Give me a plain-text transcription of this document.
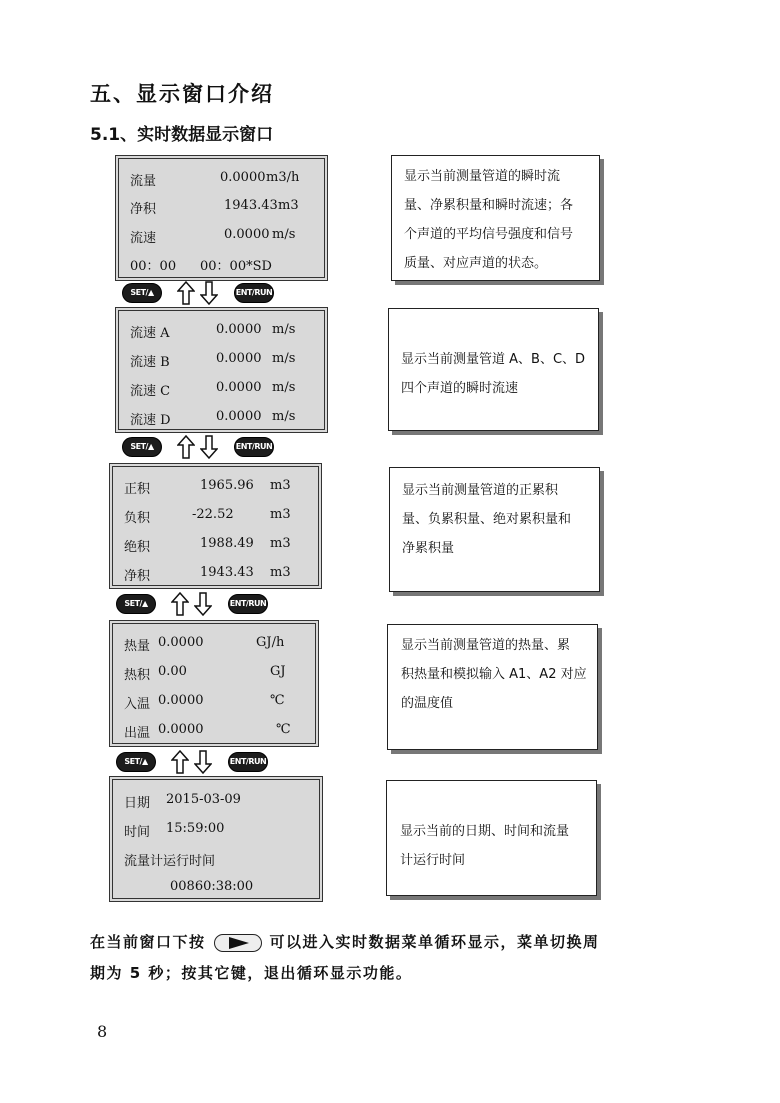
五、显示窗口介绍
5.1、实时数据显示窗口
流量	0.0000 m3/h
净积	1943.43 m3
流速	0.0000 m/s
00：00 00：00*SD
显示当前测量管道的瞬时流
量、净累积量和瞬时流速；各
个声道的平均信号强度和信号
质量、对应声道的状态。
SET/▲	ENT/RUN
流速 A	0.0000 m/s
流速 B	0.0000 m/s
流速 C	0.0000 m/s
流速 D	0.0000 m/s
显示当前测量管道 A、B、C、D
四个声道的瞬时流速
SET/▲	ENT/RUN
正积	1965.96 m3
负积	-22.52	m3
绝积	1988.49 m3
净积	1943.43 m3
显示当前测量管道的正累积
量、负累积量、绝对累积量和
净累积量
SET/▲	ENT/RUN
热量 0.0000	GJ/h
热积 0.00	GJ
入温 0.0000	℃
出温 0.0000	℃
显示当前测量管道的热量、累
积热量和模拟输入 A1、A2 对应
的温度值
SET/▲	ENT/RUN
日期 2015-03-09
时间 15:59:00
流量计运行时间
00860:38:00
显示当前的日期、时间和流量
计运行时间
在当前窗口下按	可以进入实时数据菜单循环显示，菜单切换周
期为 5 秒；按其它键，退出循环显示功能。
8
